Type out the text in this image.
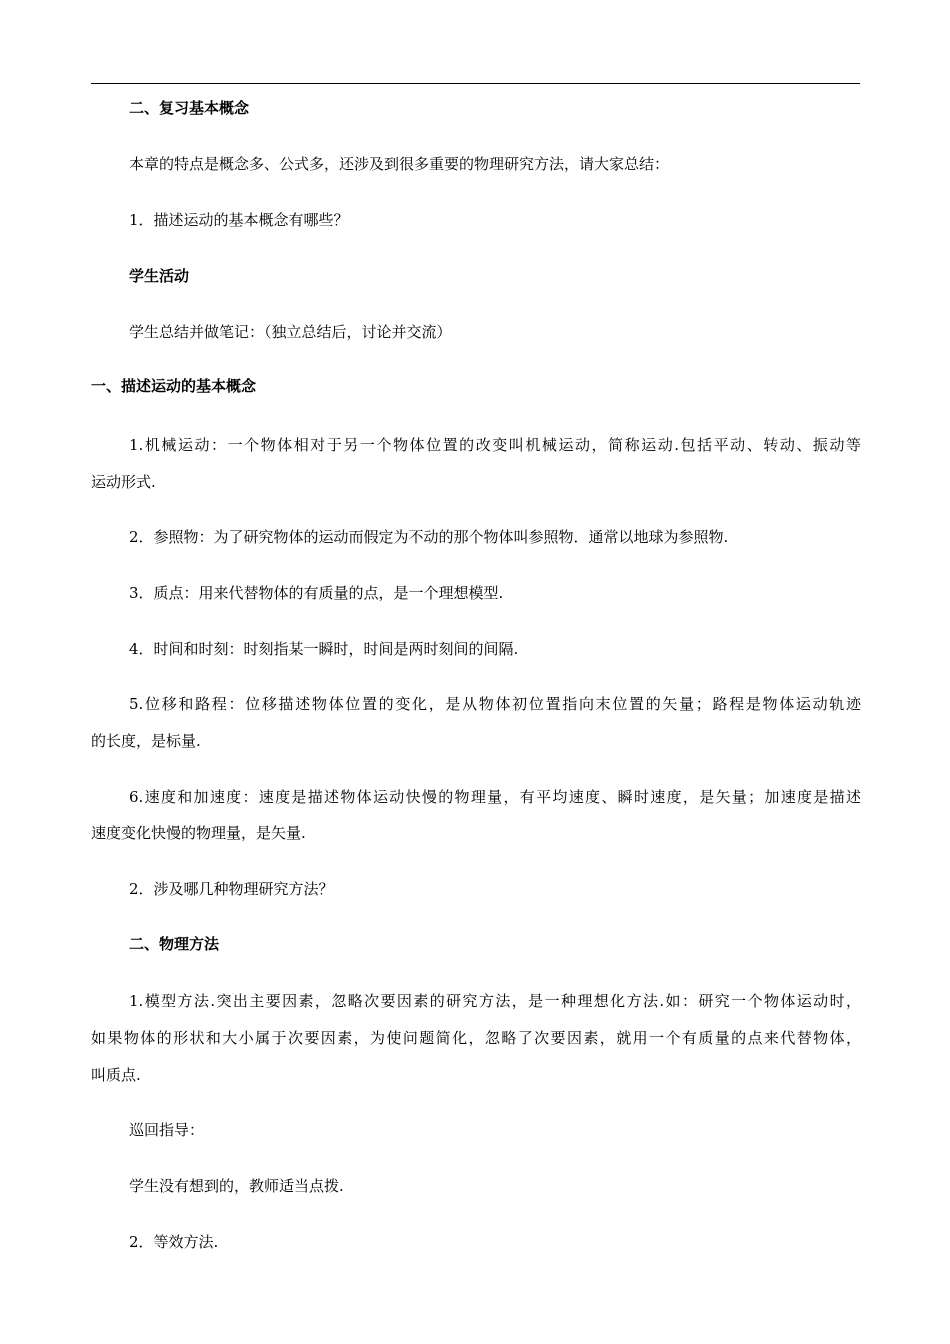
二、复习基本概念
本章的特点是概念多、公式多，还涉及到很多重要的物理研究方法，请大家总结：
1．描述运动的基本概念有哪些？
学生活动
学生总结并做笔记：（独立总结后，讨论并交流）
一、描述运动的基本概念
1.机械运动：一个物体相对于另一个物体位置的改变叫机械运动，简称运动.包括平动、转动、振动等
运动形式.
2．参照物：为了研究物体的运动而假定为不动的那个物体叫参照物．通常以地球为参照物.
3．质点：用来代替物体的有质量的点，是一个理想模型.
4．时间和时刻：时刻指某一瞬时，时间是两时刻间的间隔.
5.位移和路程：位移描述物体位置的变化，是从物体初位置指向末位置的矢量；路程是物体运动轨迹
的长度，是标量.
6.速度和加速度：速度是描述物体运动快慢的物理量，有平均速度、瞬时速度，是矢量；加速度是描述
速度变化快慢的物理量，是矢量.
2．涉及哪几种物理研究方法？
二、物理方法
1.模型方法.突出主要因素，忽略次要因素的研究方法，是一种理想化方法.如：研究一个物体运动时，
如果物体的形状和大小属于次要因素，为使问题简化，忽略了次要因素，就用一个有质量的点来代替物体，
叫质点.
巡回指导：
学生没有想到的，教师适当点拨.
2．等效方法.
